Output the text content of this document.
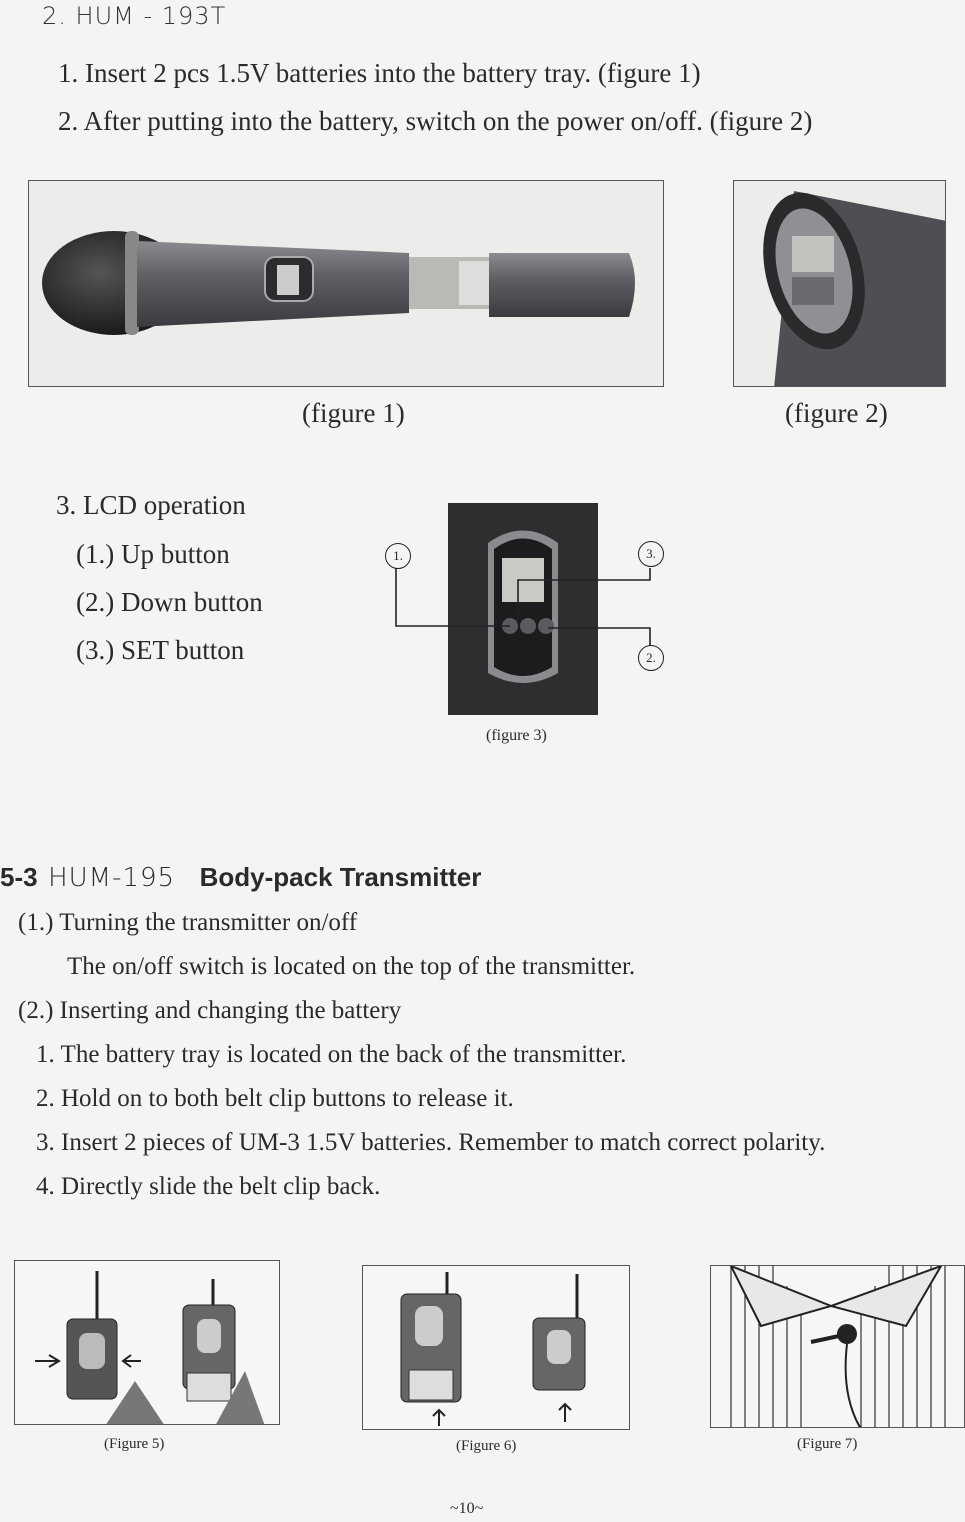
2. HUM - 193T
1. Insert 2 pcs 1.5V batteries into the battery tray. (figure 1)
2. After putting into the battery, switch on the power on/off. (figure 2)
(figure 1)	(figure 2)
3. LCD operation
(1.) Up button
(2.) Down button
(3.) SET button
1.	3.
2.
(figure 3)
5-3 HUM-195 Body-pack Transmitter
(1.) Turning the transmitter on/off
The on/off switch is located on the top of the transmitter.
(2.) Inserting and changing the battery
1. The battery tray is located on the back of the transmitter.
2. Hold on to both belt clip buttons to release it.
3. Insert 2 pieces of UM-3 1.5V batteries. Remember to match correct polarity.
4. Directly slide the belt clip back.
(Figure 5)	(Figure 6)	(Figure 7)
~10~
